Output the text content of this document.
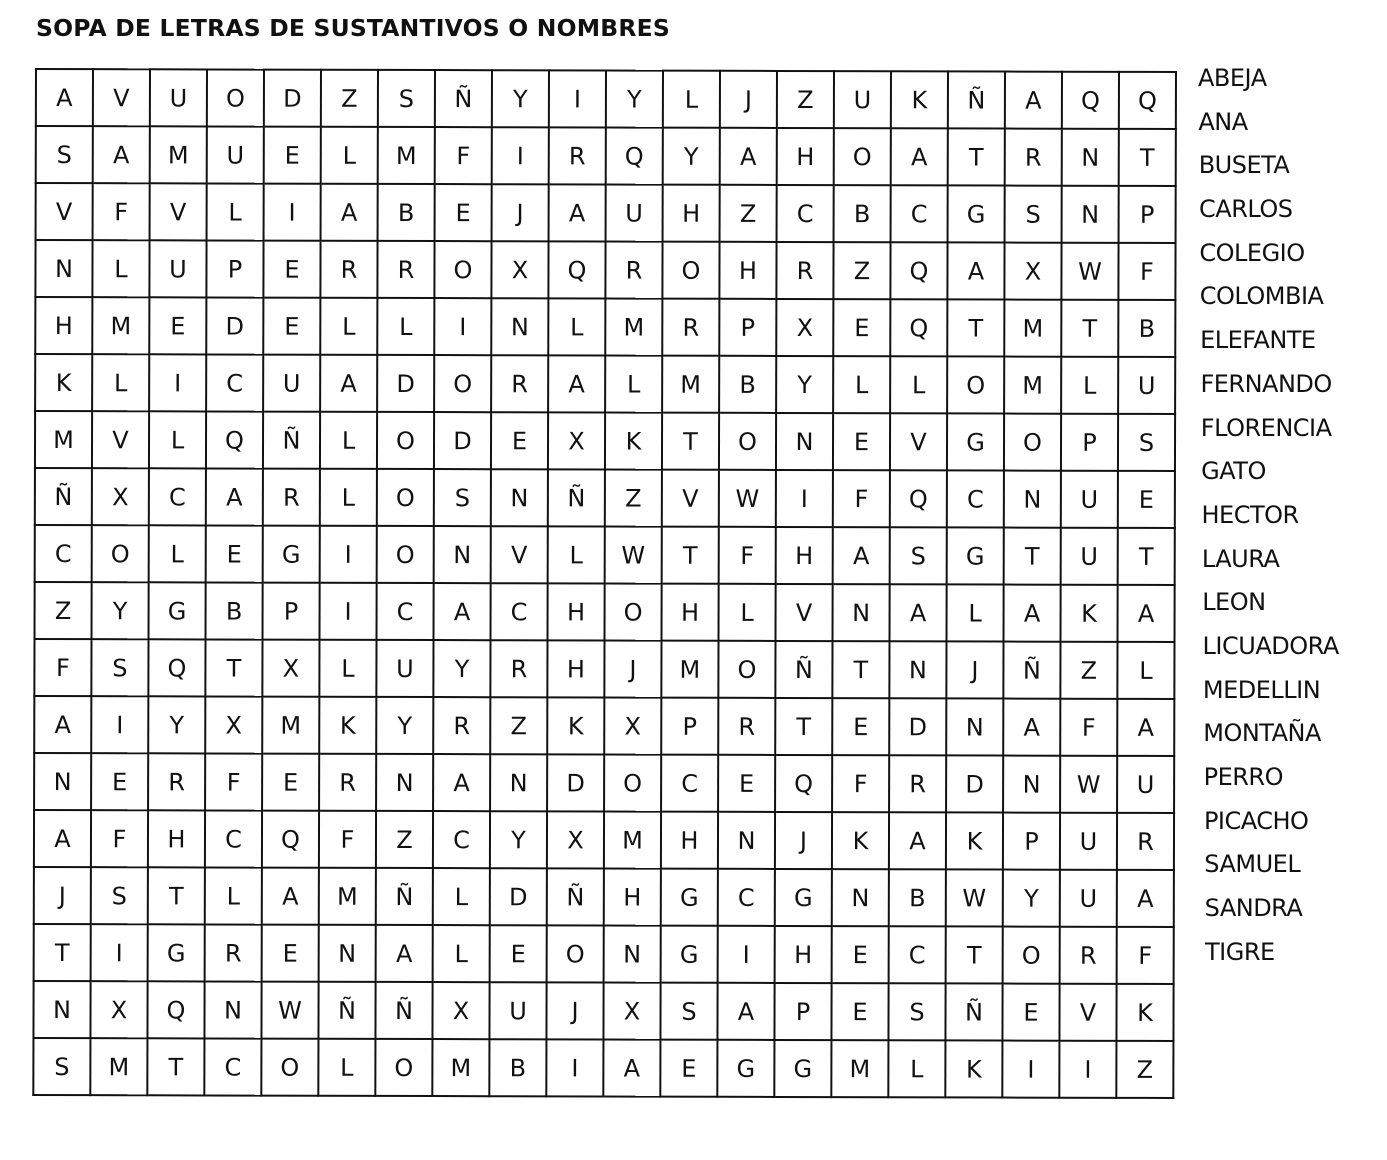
SOPA DE LETRAS DE SUSTANTIVOS O NOMBRES
A	V	U	O	D	Z	S	Ñ	Y	I	Y	L	J	Z	U	K	Ñ	A	Q	Q
S	A	M	U	E	L	M	F	I	R	Q	Y	A	H	O	A	T	R	N	T
V	F	V	L	I	A	B	E	J	A	U	H	Z	C	B	C	G	S	N	P
N	L	U	P	E	R	R	O	X	Q	R	O	H	R	Z	Q	A	X	W	F
H	M	E	D	E	L	L	I	N	L	M	R	P	X	E	Q	T	M	T	B
K	L	I	C	U	A	D	O	R	A	L	M	B	Y	L	L	O	M	L	U
M	V	L	Q	Ñ	L	O	D	E	X	K	T	O	N	E	V	G	O	P	S
Ñ	X	C	A	R	L	O	S	N	Ñ	Z	V	W	I	F	Q	C	N	U	E
C	O	L	E	G	I	O	N	V	L	W	T	F	H	A	S	G	T	U	T
Z	Y	G	B	P	I	C	A	C	H	O	H	L	V	N	A	L	A	K	A
F	S	Q	T	X	L	U	Y	R	H	J	M	O	Ñ	T	N	J	Ñ	Z	L
A	I	Y	X	M	K	Y	R	Z	K	X	P	R	T	E	D	N	A	F	A
N	E	R	F	E	R	N	A	N	D	O	C	E	Q	F	R	D	N	W	U
A	F	H	C	Q	F	Z	C	Y	X	M	H	N	J	K	A	K	P	U	R
J	S	T	L	A	M	Ñ	L	D	Ñ	H	G	C	G	N	B	W	Y	U	A
T	I	G	R	E	N	A	L	E	O	N	G	I	H	E	C	T	O	R	F
N	X	Q	N	W	Ñ	Ñ	X	U	J	X	S	A	P	E	S	Ñ	E	V	K
S	M	T	C	O	L	O	M	B	I	A	E	G	G	M	L	K	I	I	Z
ABEJA
ANA
BUSETA
CARLOS
COLEGIO
COLOMBIA
ELEFANTE
FERNANDO
FLORENCIA
GATO
HECTOR
LAURA
LEON
LICUADORA
MEDELLIN
MONTAÑA
PERRO
PICACHO
SAMUEL
SANDRA
TIGRE
